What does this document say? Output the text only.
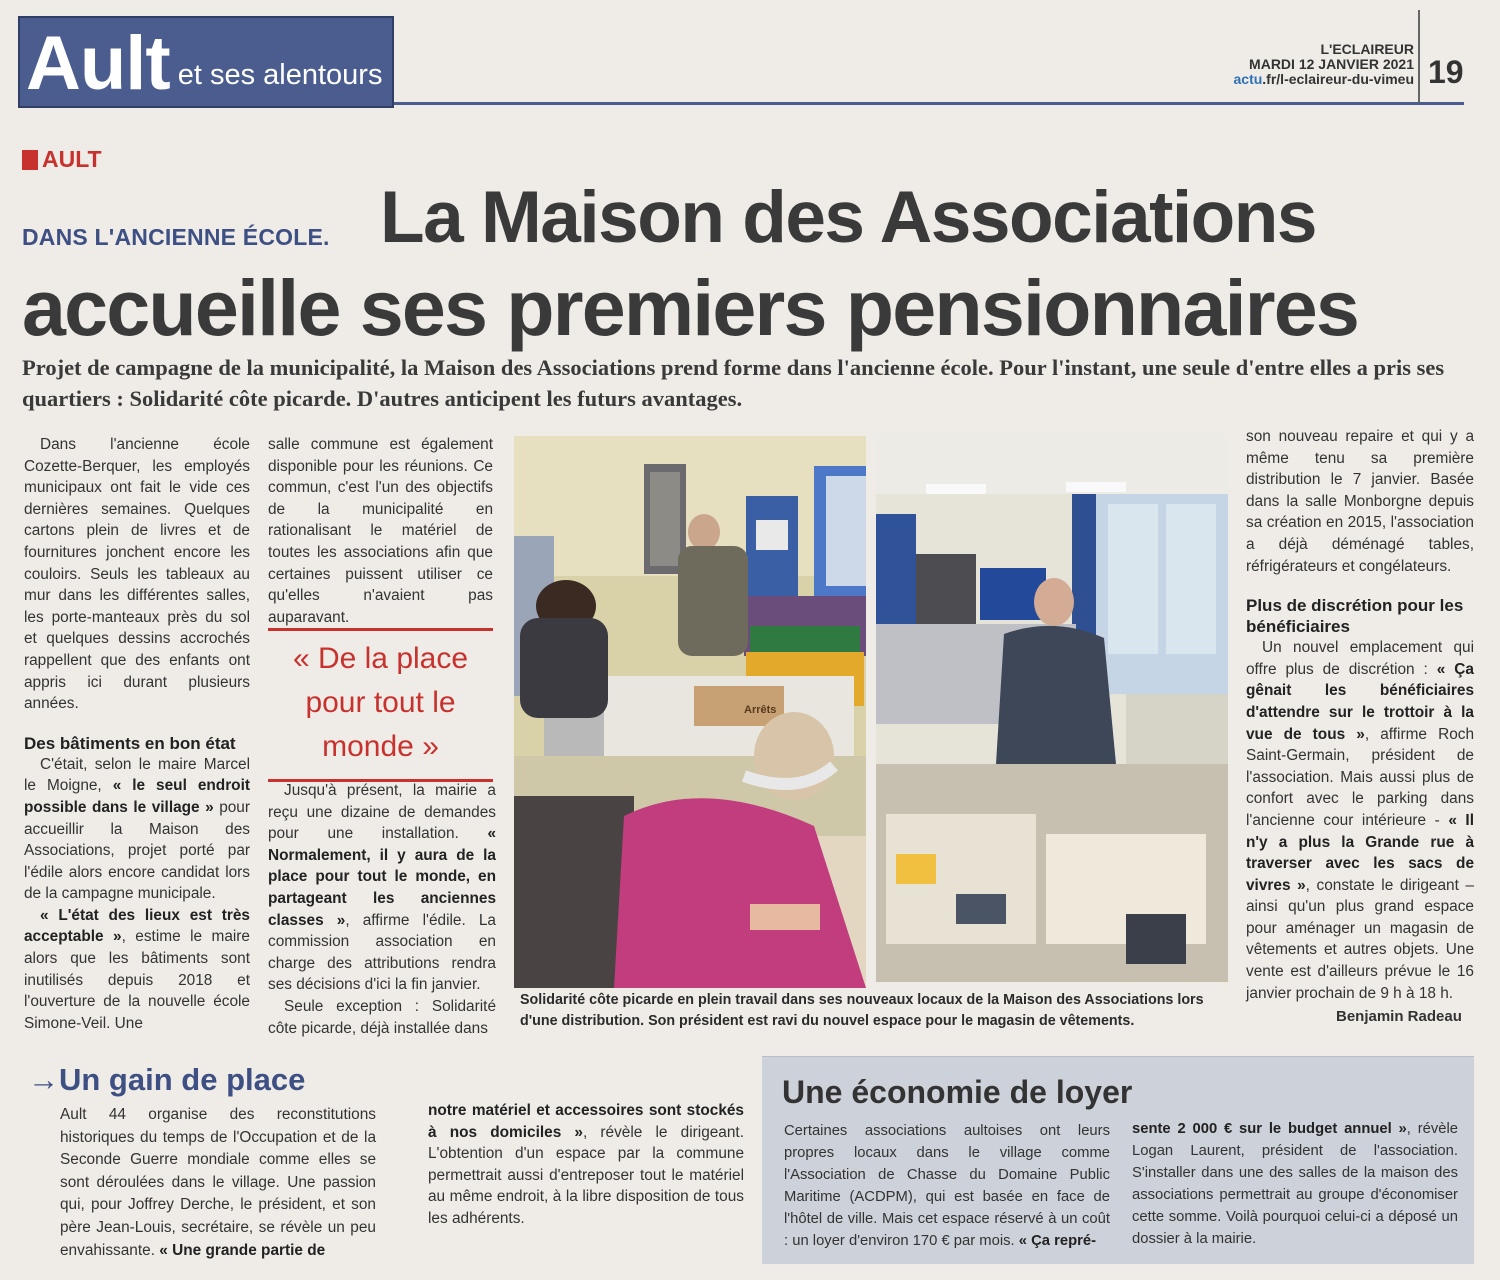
Ault et ses alentours
L'ECLAIREUR
MARDI 12 JANVIER 2021
actu.fr/l-eclaireur-du-vimeu 19
AULT
DANS L'ANCIENNE ÉCOLE. La Maison des Associations
accueille ses premiers pensionnaires
Projet de campagne de la municipalité, la Maison des Associations prend forme dans l'ancienne école. Pour l'instant, une seule d'entre elles a pris ses quartiers : Solidarité côte picarde. D'autres anticipent les futurs avantages.

Dans l'ancienne école Cozette-Berquer, les employés municipaux ont fait le vide ces dernières semaines. Quelques cartons plein de livres et de fournitures jonchent encore les couloirs. Seuls les tableaux au mur dans les différentes salles, les porte-manteaux près du sol et quelques dessins accrochés rappellent que des enfants ont appris ici durant plusieurs années.

Des bâtiments en bon état

C'était, selon le maire Marcel le Moigne, « le seul endroit possible dans le village » pour accueillir la Maison des Associations, projet porté par l'édile alors encore candidat lors de la campagne municipale.

« L'état des lieux est très acceptable », estime le maire alors que les bâtiments sont inutilisés depuis 2018 et l'ouverture de la nouvelle école Simone-Veil. Une

salle commune est également disponible pour les réunions. Ce commun, c'est l'un des objectifs de la municipalité en rationalisant le matériel de toutes les associations afin que certaines puissent utiliser ce qu'elles n'avaient pas auparavant.

« De la place pour tout le monde »

Jusqu'à présent, la mairie a reçu une dizaine de demandes pour une installation. « Normalement, il y aura de la place pour tout le monde, en partageant les anciennes classes », affirme l'édile. La commission association en charge des attributions rendra ses décisions d'ici la fin janvier.

Seule exception : Solidarité côte picarde, déjà installée dans

Arrêts
Solidarité côte picarde en plein travail dans ses nouveaux locaux de la Maison des Associations lors d'une distribution. Son président est ravi du nouvel espace pour le magasin de vêtements.

son nouveau repaire et qui y a même tenu sa première distribution le 7 janvier. Basée dans la salle Monborgne depuis sa création en 2015, l'association a déjà déménagé tables, réfrigérateurs et congélateurs.

Plus de discrétion pour les bénéficiaires

Un nouvel emplacement qui offre plus de discrétion : « Ça gênait les bénéficiaires d'attendre sur le trottoir à la vue de tous », affirme Roch Saint-Germain, président de l'association. Mais aussi plus de confort avec le parking dans l'ancienne cour intérieure - « Il n'y a plus la Grande rue à traverser avec les sacs de vivres », constate le dirigeant – ainsi qu'un plus grand espace pour aménager un magasin de vêtements et autres objets. Une vente est d'ailleurs prévue le 16 janvier prochain de 9 h à 18 h.

Benjamin Radeau
→Un gain de place

Ault 44 organise des reconstitutions historiques du temps de l'Occupation et de la Seconde Guerre mondiale comme elles se sont déroulées dans le village. Une passion qui, pour Joffrey Derche, le président, et son père Jean-Louis, secrétaire, se révèle un peu envahissante. « Une grande partie de

notre matériel et accessoires sont stockés à nos domiciles », révèle le dirigeant. L'obtention d'un espace par la commune permettrait aussi d'entreposer tout le matériel au même endroit, à la libre disposition de tous les adhérents.

Une économie de loyer

Certaines associations aultoises ont leurs propres locaux dans le village comme l'Association de Chasse du Domaine Public Maritime (ACDPM), qui est basée en face de l'hôtel de ville. Mais cet espace réservé à un coût : un loyer d'environ 170 € par mois. « Ça repré-

sente 2 000 € sur le budget annuel », révèle Logan Laurent, président de l'association. S'installer dans une des salles de la maison des associations permettrait au groupe d'économiser cette somme. Voilà pourquoi celui-ci a déposé un dossier à la mairie.
